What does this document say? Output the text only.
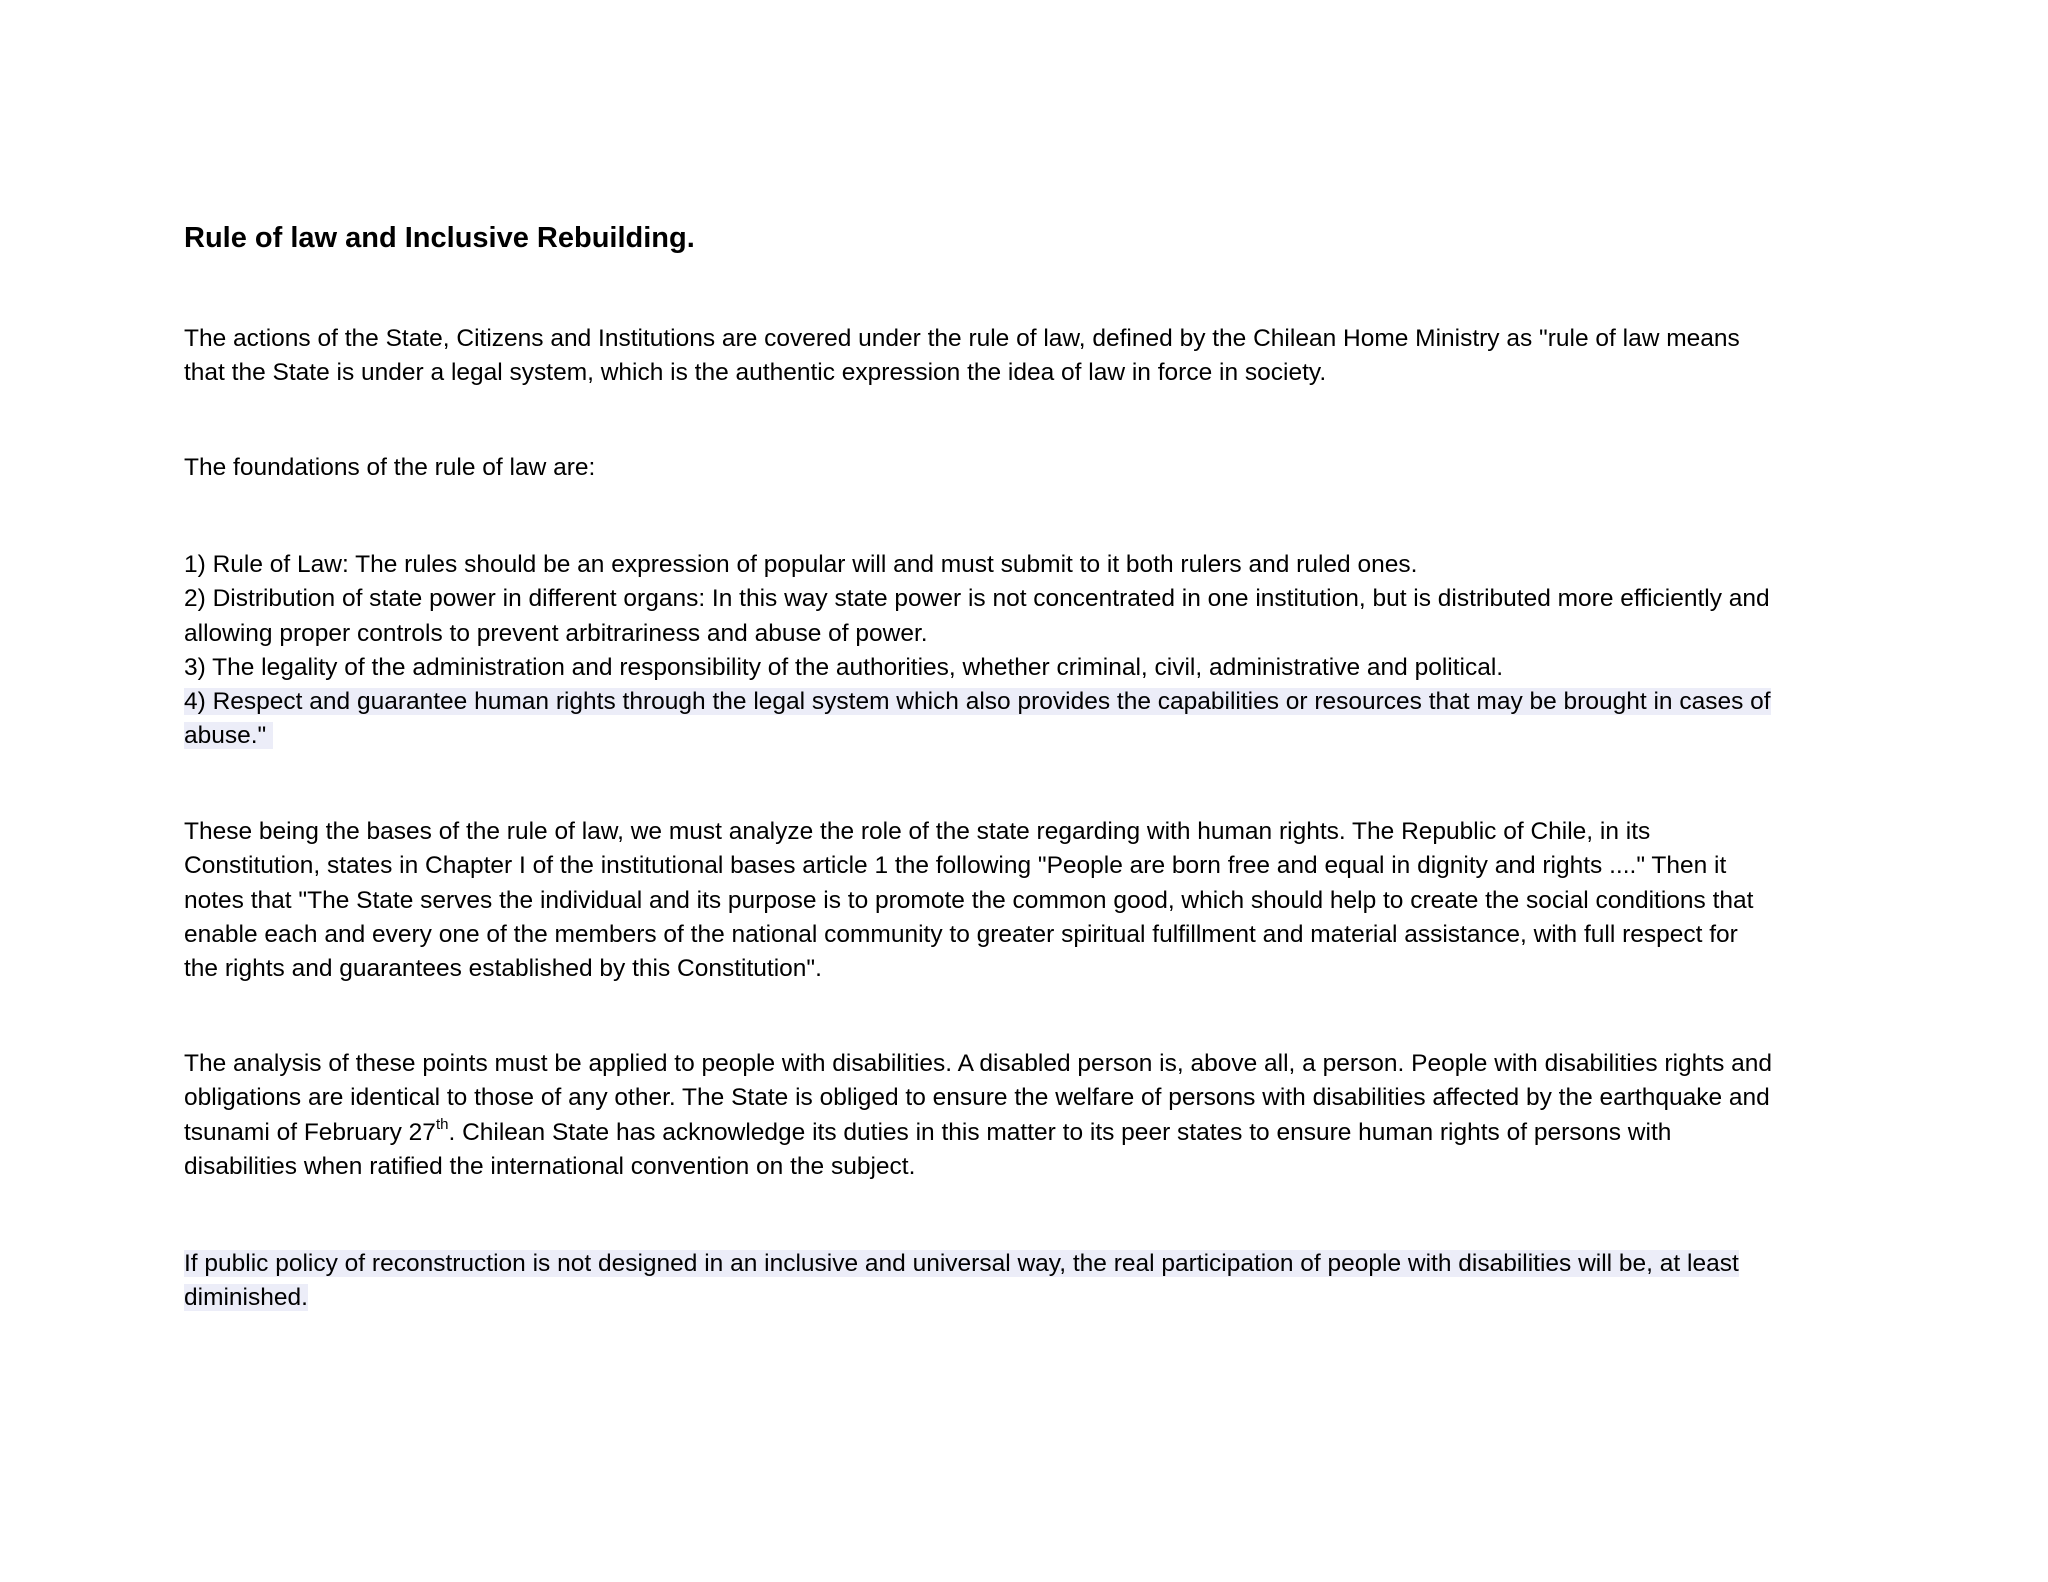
Rule of law and Inclusive Rebuilding.

The actions of the State, Citizens and Institutions are covered under the rule of law, defined by the Chilean Home Ministry as "rule of law means
that the State is under a legal system, which is the authentic expression the idea of law in force in society.

The foundations of the rule of law are:

1) Rule of Law: The rules should be an expression of popular will and must submit to it both rulers and ruled ones.
2) Distribution of state power in different organs: In this way state power is not concentrated in one institution, but is distributed more efficiently and
allowing proper controls to prevent arbitrariness and abuse of power.
3) The legality of the administration and responsibility of the authorities, whether criminal, civil, administrative and political.
4) Respect and guarantee human rights through the legal system which also provides the capabilities or resources that may be brought in cases of
abuse."

These being the bases of the rule of law, we must analyze the role of the state regarding with human rights. The Republic of Chile, in its
Constitution, states in Chapter I of the institutional bases article 1 the following "People are born free and equal in dignity and rights ...." Then it
notes that "The State serves the individual and its purpose is to promote the common good, which should help to create the social conditions that
enable each and every one of the members of the national community to greater spiritual fulfillment and material assistance, with full respect for
the rights and guarantees established by this Constitution".

The analysis of these points must be applied to people with disabilities. A disabled person is, above all, a person. People with disabilities rights and
obligations are identical to those of any other. The State is obliged to ensure the welfare of persons with disabilities affected by the earthquake and
tsunami of February 27th. Chilean State has acknowledge its duties in this matter to its peer states to ensure human rights of persons with
disabilities when ratified the international convention on the subject.

If public policy of reconstruction is not designed in an inclusive and universal way, the real participation of people with disabilities will be, at least
diminished.
